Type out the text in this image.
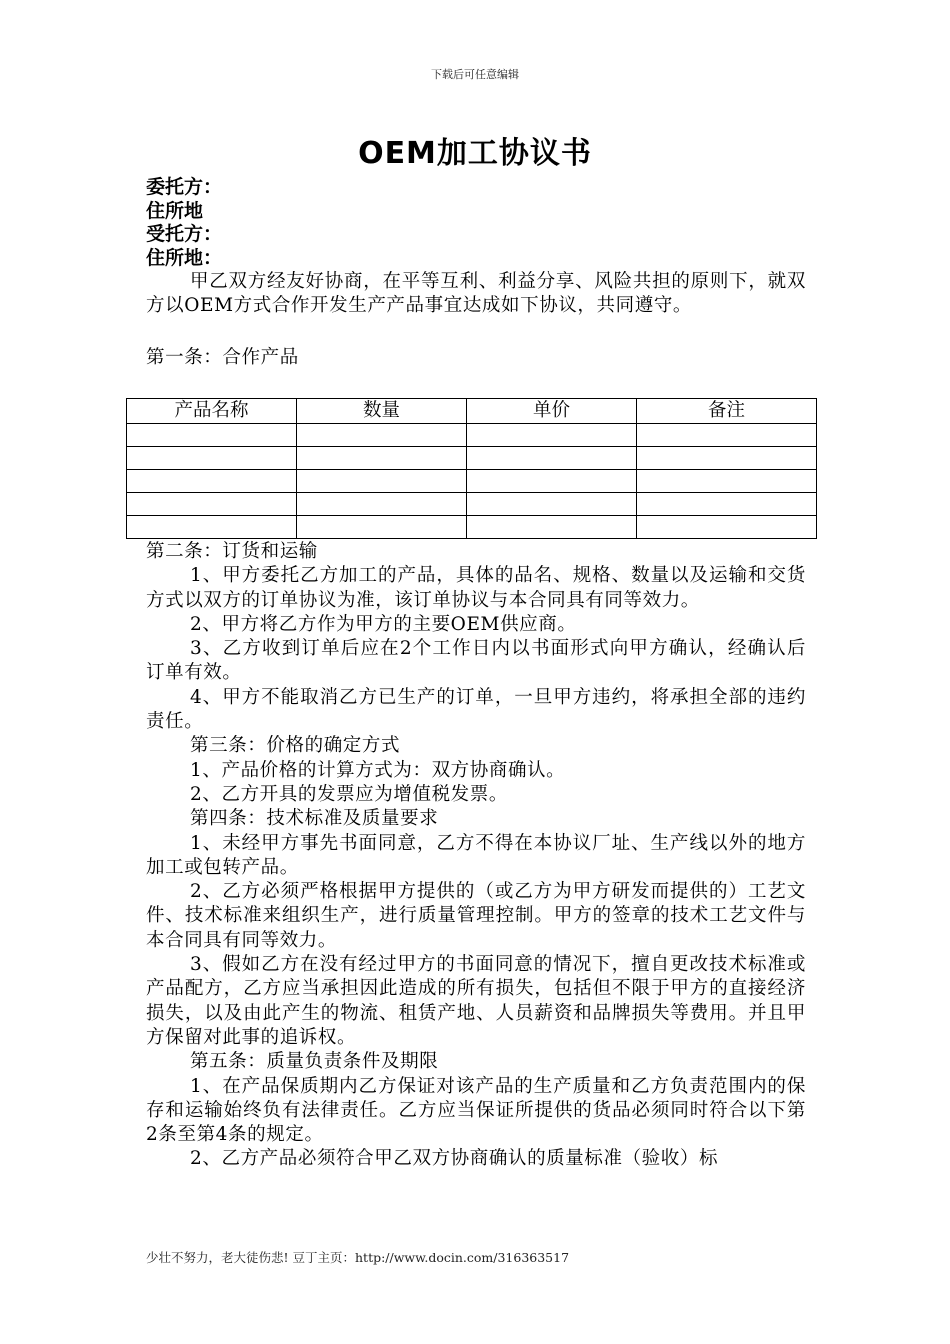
下载后可任意编辑
OEM加工协议书
委托方：
住所地
受托方：
住所地：

甲乙双方经友好协商，在平等互利、利益分享、风险共担的原则下，就双方以OEM方式合作开发生产产品事宜达成如下协议，共同遵守。

第一条：合作产品

产品名称	数量	单价	备注

第二条：订货和运输

1、甲方委托乙方加工的产品，具体的品名、规格、数量以及运输和交货方式以双方的订单协议为准，该订单协议与本合同具有同等效力。

2、甲方将乙方作为甲方的主要OEM供应商。

3、乙方收到订单后应在2个工作日内以书面形式向甲方确认，经确认后订单有效。

4、甲方不能取消乙方已生产的订单，一旦甲方违约，将承担全部的违约责任。

第三条：价格的确定方式

1、产品价格的计算方式为：双方协商确认。

2、乙方开具的发票应为增值税发票。

第四条：技术标准及质量要求

1、未经甲方事先书面同意，乙方不得在本协议厂址、生产线以外的地方加工或包转产品。

2、乙方必须严格根据甲方提供的（或乙方为甲方研发而提供的）工艺文件、技术标准来组织生产，进行质量管理控制。甲方的签章的技术工艺文件与本合同具有同等效力。

3、假如乙方在没有经过甲方的书面同意的情况下，擅自更改技术标准或产品配方，乙方应当承担因此造成的所有损失，包括但不限于甲方的直接经济损失，以及由此产生的物流、租赁产地、人员薪资和品牌损失等费用。并且甲方保留对此事的追诉权。

第五条：质量负责条件及期限

1、在产品保质期内乙方保证对该产品的生产质量和乙方负责范围内的保存和运输始终负有法律责任。乙方应当保证所提供的货品必须同时符合以下第2条至第4条的规定。

2、乙方产品必须符合甲乙双方协商确认的质量标准（验收）标

少壮不努力，老大徒伤悲! 豆丁主页：http://www.docin.com/316363517
